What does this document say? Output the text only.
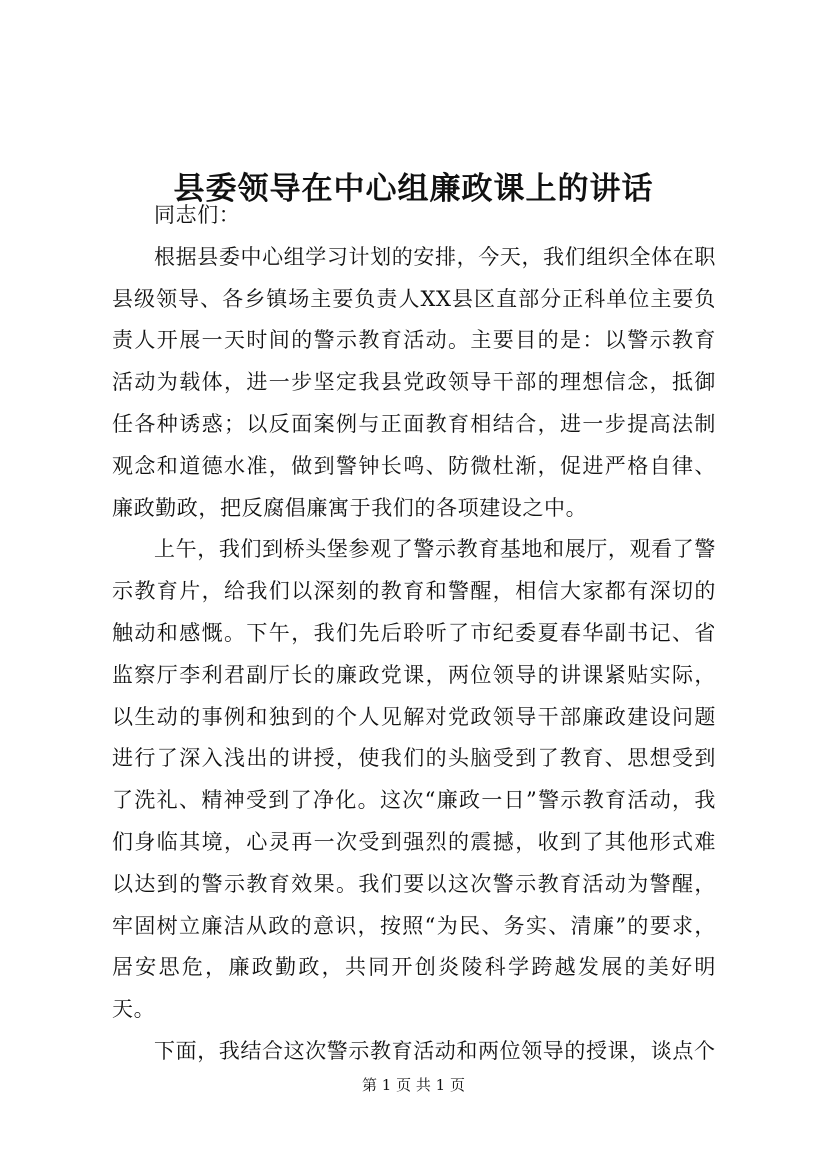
县委领导在中心组廉政课上的讲话

同志们：

根据县委中心组学习计划的安排，今天，我们组织全体在职县级领导、各乡镇场主要负责人XX县区直部分正科单位主要负责人开展一天时间的警示教育活动。主要目的是：以警示教育活动为载体，进一步坚定我县党政领导干部的理想信念，抵御任各种诱惑；以反面案例与正面教育相结合，进一步提高法制观念和道德水准，做到警钟长鸣、防微杜渐，促进严格自律、廉政勤政，把反腐倡廉寓于我们的各项建设之中。

上午，我们到桥头堡参观了警示教育基地和展厅，观看了警示教育片，给我们以深刻的教育和警醒，相信大家都有深切的触动和感慨。下午，我们先后聆听了市纪委夏春华副书记、省监察厅李利君副厅长的廉政党课，两位领导的讲课紧贴实际，以生动的事例和独到的个人见解对党政领导干部廉政建设问题进行了深入浅出的讲授，使我们的头脑受到了教育、思想受到了洗礼、精神受到了净化。这次“廉政一日”警示教育活动，我们身临其境，心灵再一次受到强烈的震撼，收到了其他形式难以达到的警示教育效果。我们要以这次警示教育活动为警醒，牢固树立廉洁从政的意识，按照“为民、务实、清廉”的要求，居安思危，廉政勤政，共同开创炎陵科学跨越发展的美好明天。

下面，我结合这次警示教育活动和两位领导的授课，谈点个

第 1 页 共 1 页
